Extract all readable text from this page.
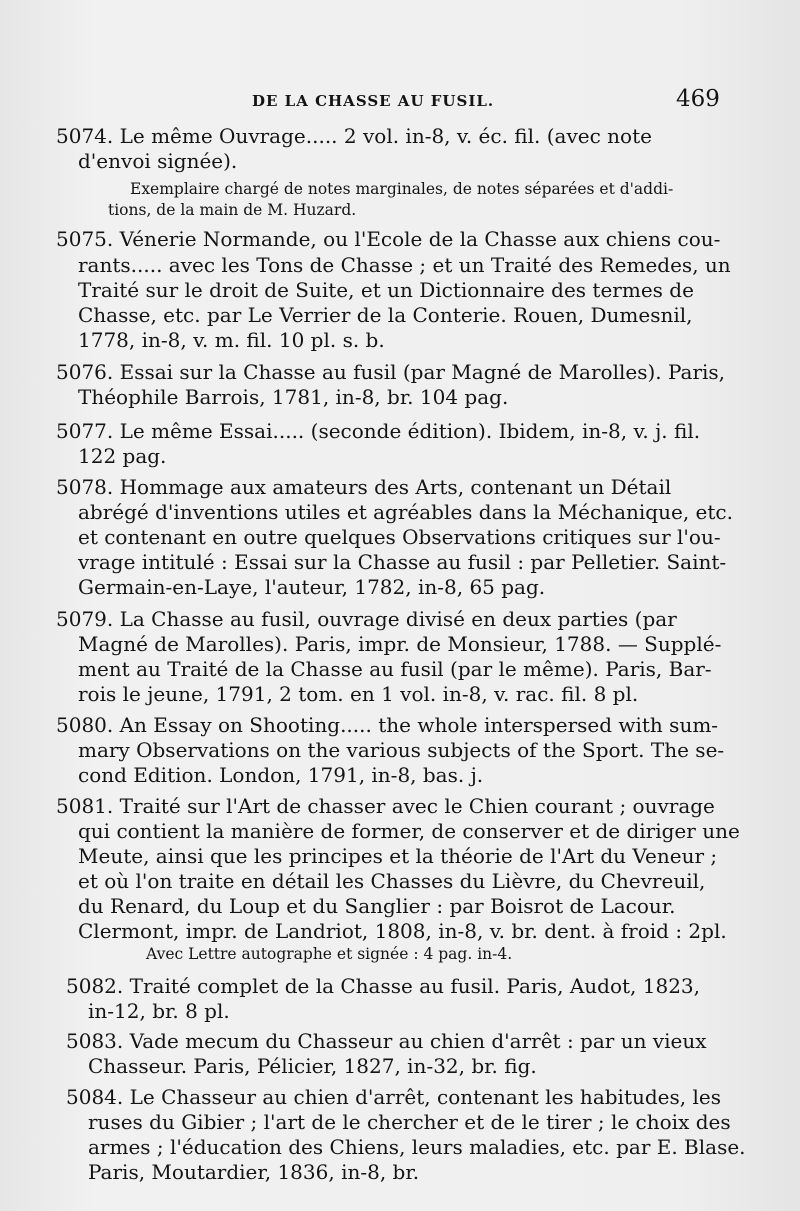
DE LA CHASSE AU FUSIL.	469
5074. Le même Ouvrage..... 2 vol. in-8, v. éc. fil. (avec note
d'envoi signée).
Exemplaire chargé de notes marginales, de notes séparées et d'addi-
tions, de la main de M. Huzard.
5075. Vénerie Normande, ou l'Ecole de la Chasse aux chiens cou-
rants..... avec les Tons de Chasse ; et un Traité des Remedes, un
Traité sur le droit de Suite, et un Dictionnaire des termes de
Chasse, etc. par Le Verrier de la Conterie. Rouen, Dumesnil,
1778, in-8, v. m. fil. 10 pl. s. b.
5076. Essai sur la Chasse au fusil (par Magné de Marolles). Paris,
Théophile Barrois, 1781, in-8, br. 104 pag.
5077. Le même Essai..... (seconde édition). Ibidem, in-8, v. j. fil.
122 pag.
5078. Hommage aux amateurs des Arts, contenant un Détail
abrégé d'inventions utiles et agréables dans la Méchanique, etc.
et contenant en outre quelques Observations critiques sur l'ou-
vrage intitulé : Essai sur la Chasse au fusil : par Pelletier. Saint-
Germain-en-Laye, l'auteur, 1782, in-8, 65 pag.
5079. La Chasse au fusil, ouvrage divisé en deux parties (par
Magné de Marolles). Paris, impr. de Monsieur, 1788. — Supplé-
ment au Traité de la Chasse au fusil (par le même). Paris, Bar-
rois le jeune, 1791, 2 tom. en 1 vol. in-8, v. rac. fil. 8 pl.
5080. An Essay on Shooting..... the whole interspersed with sum-
mary Observations on the various subjects of the Sport. The se-
cond Edition. London, 1791, in-8, bas. j.
5081. Traité sur l'Art de chasser avec le Chien courant ; ouvrage
qui contient la manière de former, de conserver et de diriger une
Meute, ainsi que les principes et la théorie de l'Art du Veneur ;
et où l'on traite en détail les Chasses du Lièvre, du Chevreuil,
du Renard, du Loup et du Sanglier : par Boisrot de Lacour.
Clermont, impr. de Landriot, 1808, in-8, v. br. dent. à froid : 2pl.
Avec Lettre autographe et signée : 4 pag. in-4.
5082. Traité complet de la Chasse au fusil. Paris, Audot, 1823,
in-12, br. 8 pl.
5083. Vade mecum du Chasseur au chien d'arrêt : par un vieux
Chasseur. Paris, Pélicier, 1827, in-32, br. fig.
5084. Le Chasseur au chien d'arrêt, contenant les habitudes, les
ruses du Gibier ; l'art de le chercher et de le tirer ; le choix des
armes ; l'éducation des Chiens, leurs maladies, etc. par E. Blase.
Paris, Moutardier, 1836, in-8, br.
